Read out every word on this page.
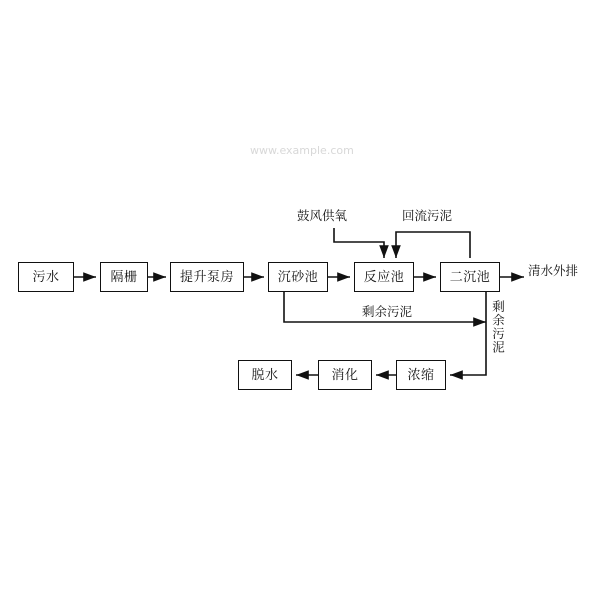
www.example.com
污水	隔栅	提升泵房	沉砂池	反应池	二沉池
浓缩
消化
脱水
鼓风供氧	回流污泥
清水外排
剩余污泥	剩余污泥
